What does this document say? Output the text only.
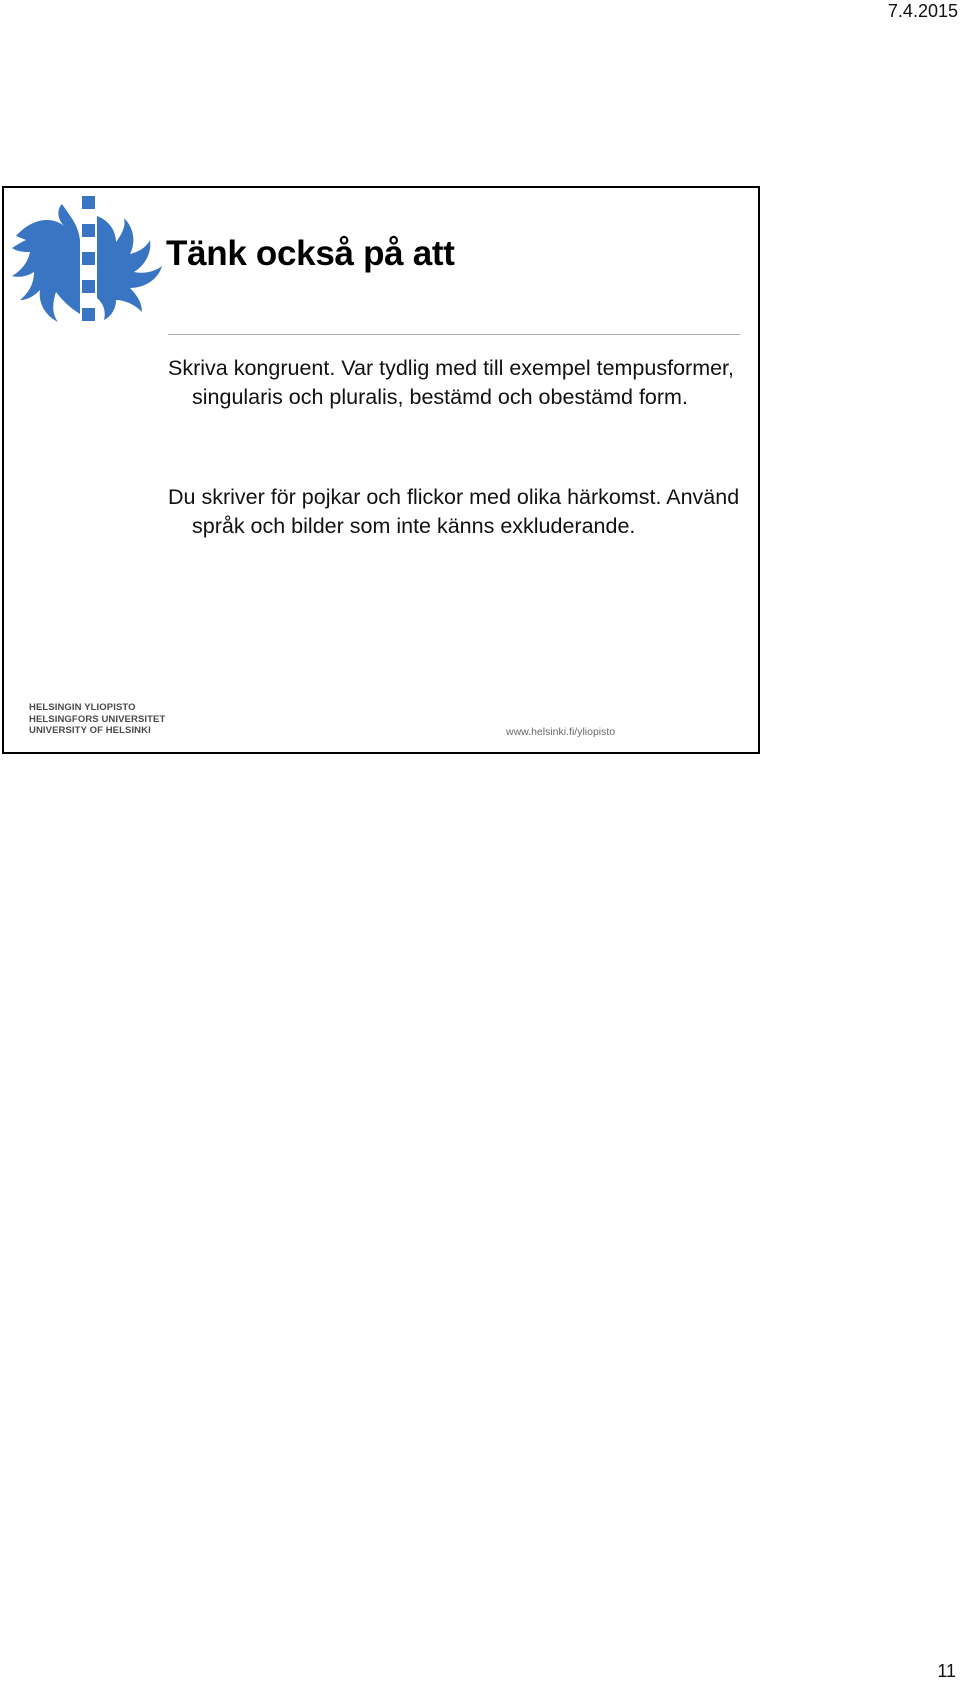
7.4.2015
Tänk också på att

Skriva kongruent. Var tydlig med till exempel tempusformer, singularis och pluralis, bestämd och obestämd form.

Du skriver för pojkar och flickor med olika härkomst. Använd språk och bilder som inte känns exkluderande.

HELSINGIN YLIOPISTO
HELSINGFORS UNIVERSITET
UNIVERSITY OF HELSINKI	www.helsinki.fi/yliopisto
11
